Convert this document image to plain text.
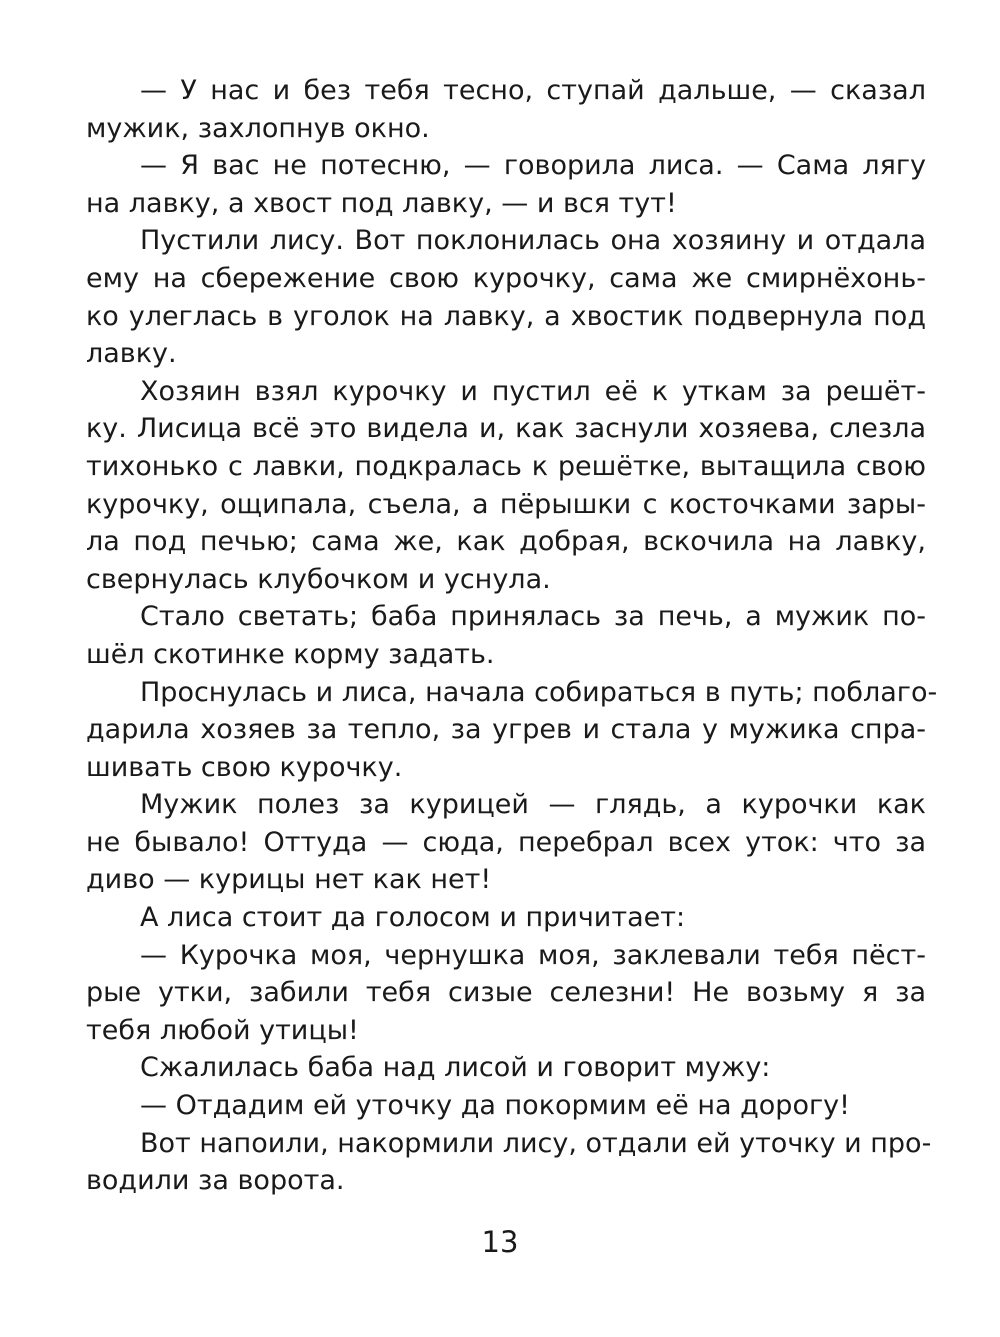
— У нас и без тебя тесно, ступай дальше, — сказал
мужик, захлопнув окно.
— Я вас не потесню, — говорила лиса. — Сама лягу
на лавку, а хвост под лавку, — и вся тут!
Пустили лису. Вот поклонилась она хозяину и отдала
ему на сбережение свою курочку, сама же смирнёхонь-
ко улеглась в уголок на лавку, а хвостик подвернула под
лавку.
Хозяин взял курочку и пустил её к уткам за решёт-
ку. Лисица всё это видела и, как заснули хозяева, слезла
тихонько с лавки, подкралась к решётке, вытащила свою
курочку, ощипала, съела, а пёрышки с косточками зары-
ла под печью; сама же, как добрая, вскочила на лавку,
свернулась клубочком и уснула.
Стало светать; баба принялась за печь, а мужик по-
шёл скотинке корму задать.
Проснулась и лиса, начала собираться в путь; поблаго-
дарила хозяев за тепло, за угрев и стала у мужика спра-
шивать свою курочку.
Мужик полез за курицей — глядь, а курочки как
не бывало! Оттуда — сюда, перебрал всех уток: что за
диво — курицы нет как нет!
А лиса стоит да голосом и причитает:
— Курочка моя, чернушка моя, заклевали тебя пёст-
рые утки, забили тебя сизые селезни! Не возьму я за
тебя любой утицы!
Сжалилась баба над лисой и говорит мужу:
— Отдадим ей уточку да покормим её на дорогу!
Вот напоили, накормили лису, отдали ей уточку и про-
водили за ворота.
13
